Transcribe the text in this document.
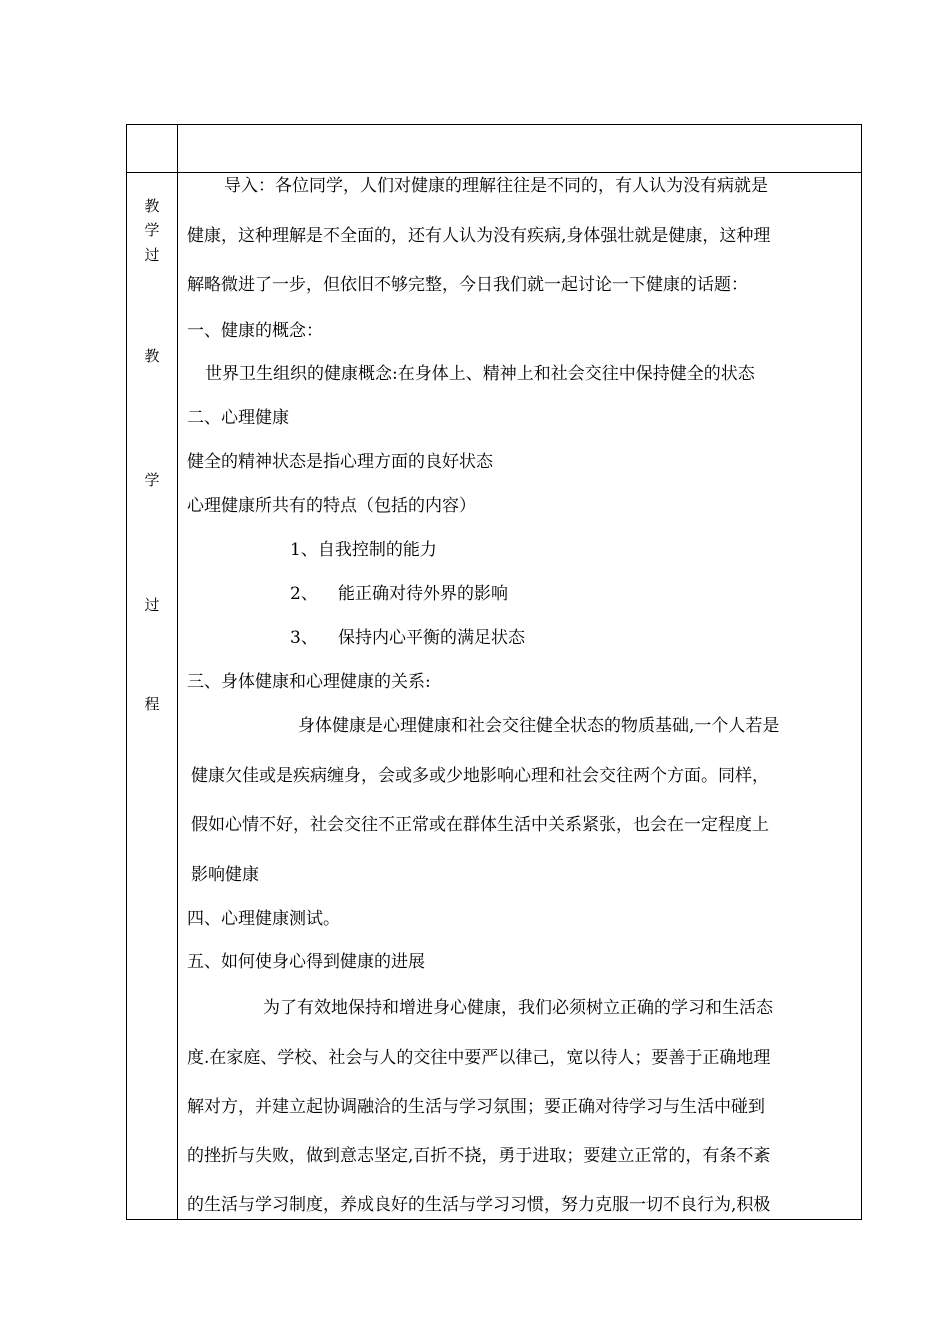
教
学
过
教
学
过
程
导入：各位同学，人们对健康的理解往往是不同的，有人认为没有病就是
健康，这种理解是不全面的，还有人认为没有疾病,身体强壮就是健康，这种理
解略微进了一步，但依旧不够完整，今日我们就一起讨论一下健康的话题：
一、健康的概念：
世界卫生组织的健康概念:在身体上、精神上和社会交往中保持健全的状态
二、心理健康
健全的精神状态是指心理方面的良好状态
心理健康所共有的特点（包括的内容）
1、自我控制的能力
2、 能正确对待外界的影响
3、 保持内心平衡的满足状态
三、身体健康和心理健康的关系:
身体健康是心理健康和社会交往健全状态的物质基础,一个人若是
健康欠佳或是疾病缠身，会或多或少地影响心理和社会交往两个方面。同样，
假如心情不好，社会交往不正常或在群体生活中关系紧张，也会在一定程度上
影响健康
四、心理健康测试。
五、如何使身心得到健康的进展
为了有效地保持和增进身心健康，我们必须树立正确的学习和生活态
度.在家庭、学校、社会与人的交往中要严以律己，宽以待人；要善于正确地理
解对方，并建立起协调融洽的生活与学习氛围；要正确对待学习与生活中碰到
的挫折与失败，做到意志坚定,百折不挠，勇于进取；要建立正常的，有条不紊
的生活与学习制度，养成良好的生活与学习习惯，努力克服一切不良行为,积极
